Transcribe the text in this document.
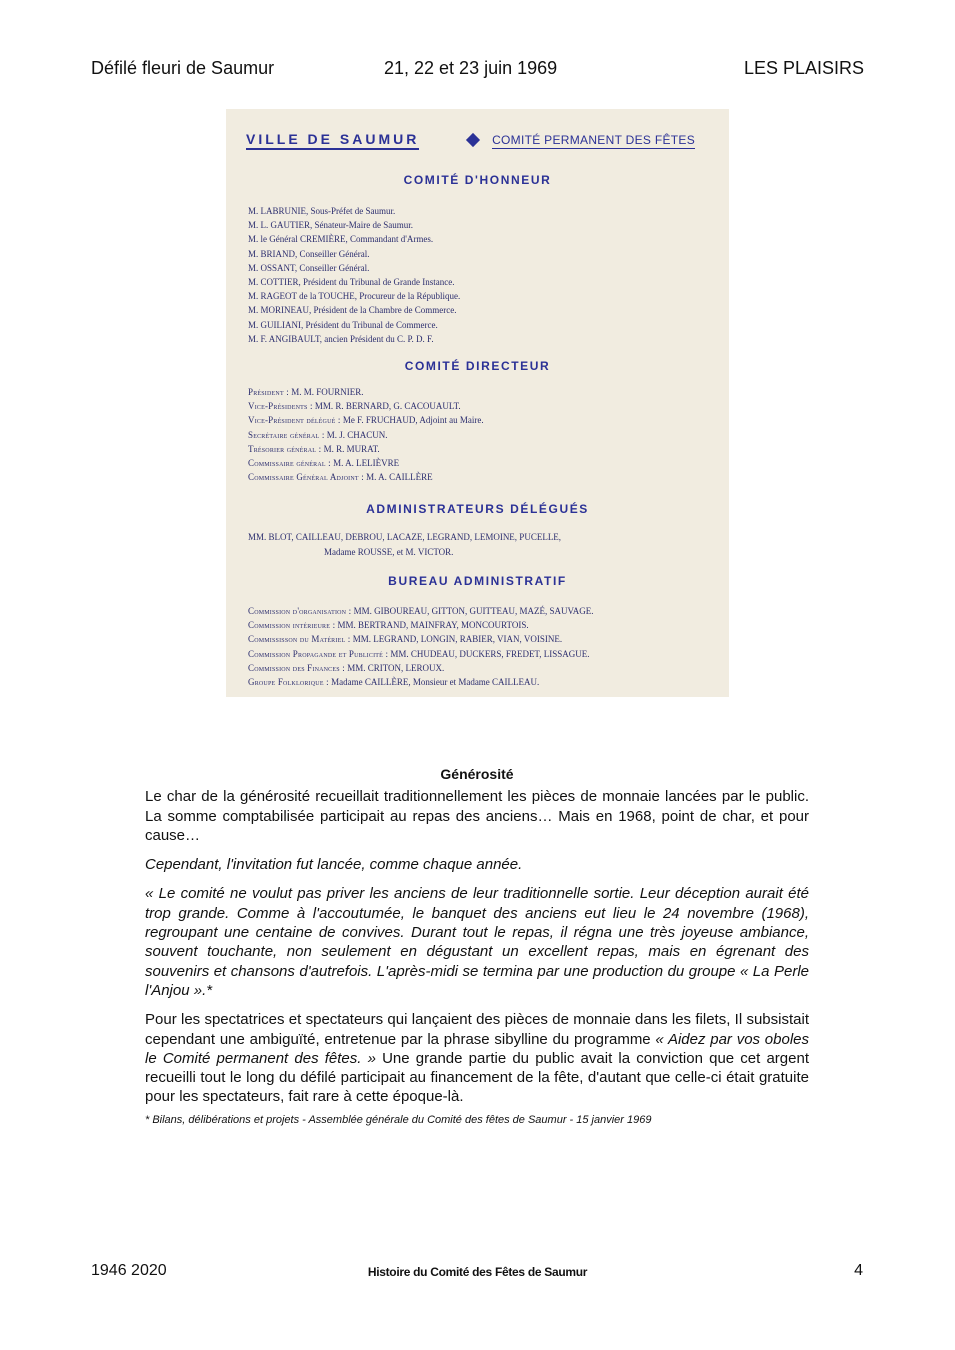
Défilé fleuri de Saumur	21, 22 et 23 juin 1969	LES PLAISIRS
VILLE DE SAUMUR	COMITÉ PERMANENT DES FÊTES
COMITÉ D'HONNEUR
M. LABRUNIE, Sous-Préfet de Saumur.
M. L. GAUTIER, Sénateur-Maire de Saumur.
M. le Général CREMIÈRE, Commandant d'Armes.
M. BRIAND, Conseiller Général.
M. OSSANT, Conseiller Général.
M. COTTIER, Président du Tribunal de Grande Instance.
M. RAGEOT de la TOUCHE, Procureur de la République.
M. MORINEAU, Président de la Chambre de Commerce.
M. GUILIANI, Président du Tribunal de Commerce.
M. F. ANGIBAULT, ancien Président du C. P. D. F.
COMITÉ DIRECTEUR
Président : M. M. FOURNIER.
Vice-Présidents : MM. R. BERNARD, G. CACOUAULT.
Vice-Président délégué : Me F. FRUCHAUD, Adjoint au Maire.
Secrétaire général : M. J. CHACUN.
Trésorier général : M. R. MURAT.
Commissaire général : M. A. LELIÈVRE
Commissaire Général Adjoint : M. A. CAILLÈRE
ADMINISTRATEURS DÉLÉGUÉS
MM. BLOT, CAILLEAU, DEBROU, LACAZE, LEGRAND, LEMOINE, PUCELLE,
Madame ROUSSE, et M. VICTOR.
BUREAU ADMINISTRATIF
Commission d'organisation : MM. GIBOUREAU, GITTON, GUITTEAU, MAZÉ, SAUVAGE.
Commission intérieure : MM. BERTRAND, MAINFRAY, MONCOURTOIS.
Commississon du Matériel : MM. LEGRAND, LONGIN, RABIER, VIAN, VOISINE.
Commission Propagande et Publicité : MM. CHUDEAU, DUCKERS, FREDET, LISSAGUE.
Commission des Finances : MM. CRITON, LEROUX.
Groupe Folklorique : Madame CAILLÈRE, Monsieur et Madame CAILLEAU.
Générosité

Le char de la générosité recueillait traditionnellement les pièces de monnaie lancées par le public. La somme comptabilisée participait au repas des anciens… Mais en 1968, point de char, et pour cause…

Cependant, l'invitation fut lancée, comme chaque année.

« Le comité ne voulut pas priver les anciens de leur traditionnelle sortie. Leur déception aurait été trop grande. Comme à l'accoutumée, le banquet des anciens eut lieu le 24 novembre (1968), regroupant une centaine de convives. Durant tout le repas, il régna une très joyeuse ambiance, souvent touchante, non seulement en dégustant un excellent repas, mais en égrenant des souvenirs et chansons d'autrefois. L'après-midi se termina par une production du groupe « La Perle l'Anjou ».*

Pour les spectatrices et spectateurs qui lançaient des pièces de monnaie dans les filets, Il subsistait cependant une ambiguïté, entretenue par la phrase sibylline du programme « Aidez par vos oboles le Comité permanent des fêtes. » Une grande partie du public avait la conviction que cet argent recueilli tout le long du défilé participait au financement de la fête, d'autant que celle-ci était gratuite pour les spectateurs, fait rare à cette époque-là.

* Bilans, délibérations et projets - Assemblée générale du Comité des fêtes de Saumur - 15 janvier 1969
1946 2020	Histoire du Comité des Fêtes de Saumur	4
